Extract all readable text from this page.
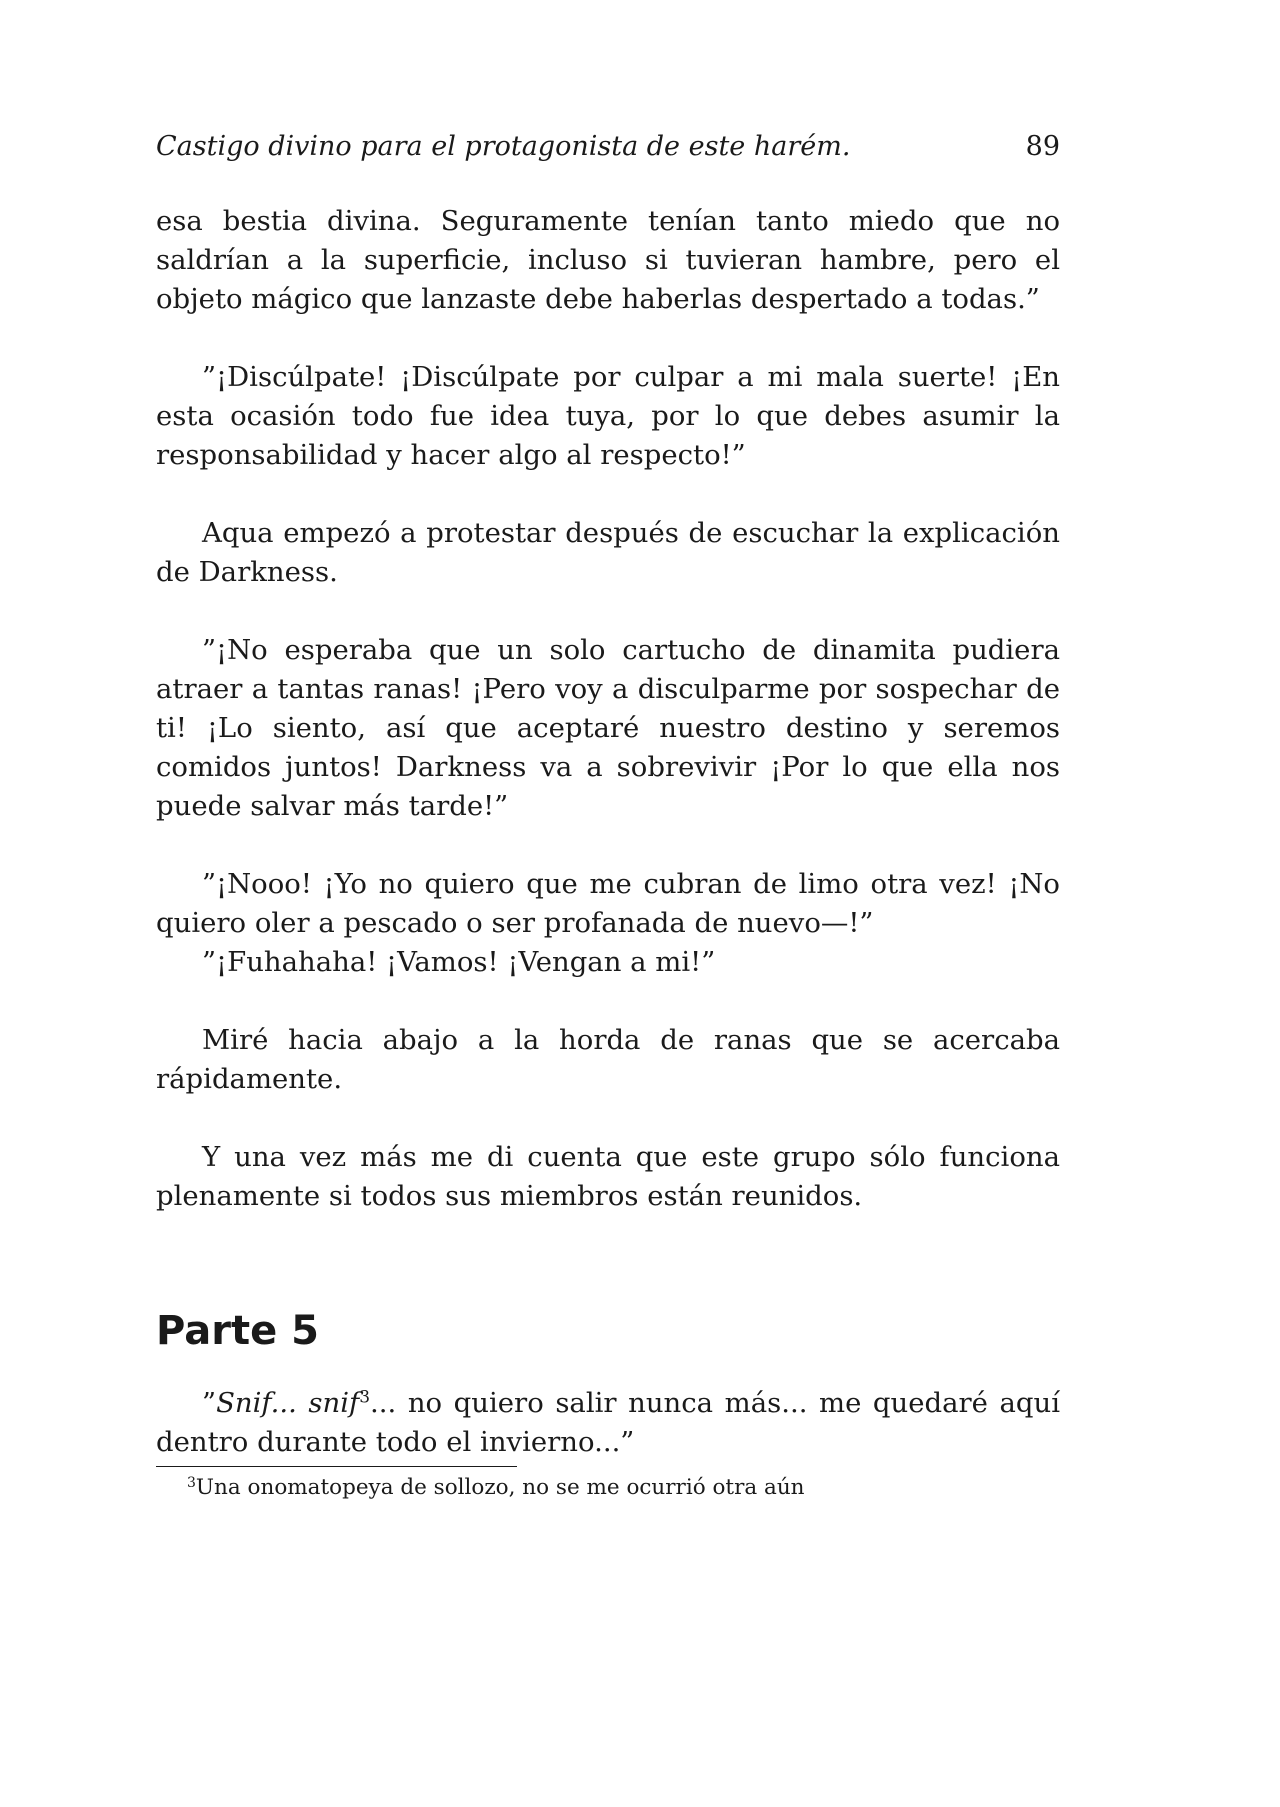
Castigo divino para el protagonista de este harém.	89

esa bestia divina. Seguramente tenían tanto miedo que no saldrían a la superficie, incluso si tuvieran hambre, pero el objeto mágico que lanzaste debe haberlas despertado a todas.”

”¡Discúlpate! ¡Discúlpate por culpar a mi mala suerte! ¡En esta ocasión todo fue idea tuya, por lo que debes asumir la responsabilidad y hacer algo al respecto!”

Aqua empezó a protestar después de escuchar la explicación de Darkness.

”¡No esperaba que un solo cartucho de dinamita pudiera atraer a tantas ranas! ¡Pero voy a disculparme por sospechar de ti! ¡Lo siento, así que aceptaré nuestro destino y seremos comidos juntos! Darkness va a sobrevivir ¡Por lo que ella nos puede salvar más tarde!”

”¡Nooo! ¡Yo no quiero que me cubran de limo otra vez! ¡No quiero oler a pescado o ser profanada de nuevo—!”

”¡Fuhahaha! ¡Vamos! ¡Vengan a mi!”

Miré hacia abajo a la horda de ranas que se acercaba rápidamente.

Y una vez más me di cuenta que este grupo sólo funciona plenamente si todos sus miembros están reunidos.

Parte 5

”Snif... snif$^3$... no quiero salir nunca más... me quedaré aquí dentro durante todo el invierno...”

$^3$Una onomatopeya de sollozo, no se me ocurrió otra aún
